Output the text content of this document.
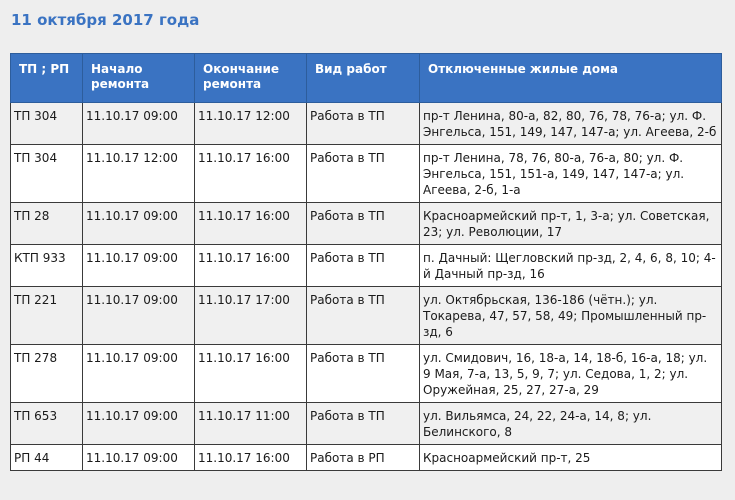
11 октября 2017 года
ТП ; РП	Начало ремонта	Окончание ремонта	Вид работ	Отключенные жилые дома
ТП 304	11.10.17 09:00	11.10.17 12:00	Работа в ТП	пр-т Ленина, 80-а, 82, 80, 76, 78, 76-а; ул. Ф. Энгельса, 151, 149, 147, 147-а; ул. Агеева, 2-б
ТП 304	11.10.17 12:00	11.10.17 16:00	Работа в ТП	пр-т Ленина, 78, 76, 80-а, 76-а, 80; ул. Ф. Энгельса, 151, 151-а, 149, 147, 147-а; ул. Агеева, 2-б, 1-а
ТП 28	11.10.17 09:00	11.10.17 16:00	Работа в ТП	Красноармейский пр-т, 1, 3-а; ул. Советская, 23; ул. Революции, 17
КТП 933	11.10.17 09:00	11.10.17 16:00	Работа в ТП	п. Дачный: Щегловский пр-зд, 2, 4, 6, 8, 10; 4-й Дачный пр-зд, 16
ТП 221	11.10.17 09:00	11.10.17 17:00	Работа в ТП	ул. Октябрьская, 136-186 (чётн.); ул. Токарева, 47, 57, 58, 49; Промышленный пр-зд, 6
ТП 278	11.10.17 09:00	11.10.17 16:00	Работа в ТП	ул. Смидович, 16, 18-а, 14, 18-б, 16-а, 18; ул. 9 Мая, 7-а, 13, 5, 9, 7; ул. Седова, 1, 2; ул. Оружейная, 25, 27, 27-а, 29
ТП 653	11.10.17 09:00	11.10.17 11:00	Работа в ТП	ул. Вильямса, 24, 22, 24-а, 14, 8; ул. Белинского, 8
РП 44	11.10.17 09:00	11.10.17 16:00	Работа в РП	Красноармейский пр-т, 25
